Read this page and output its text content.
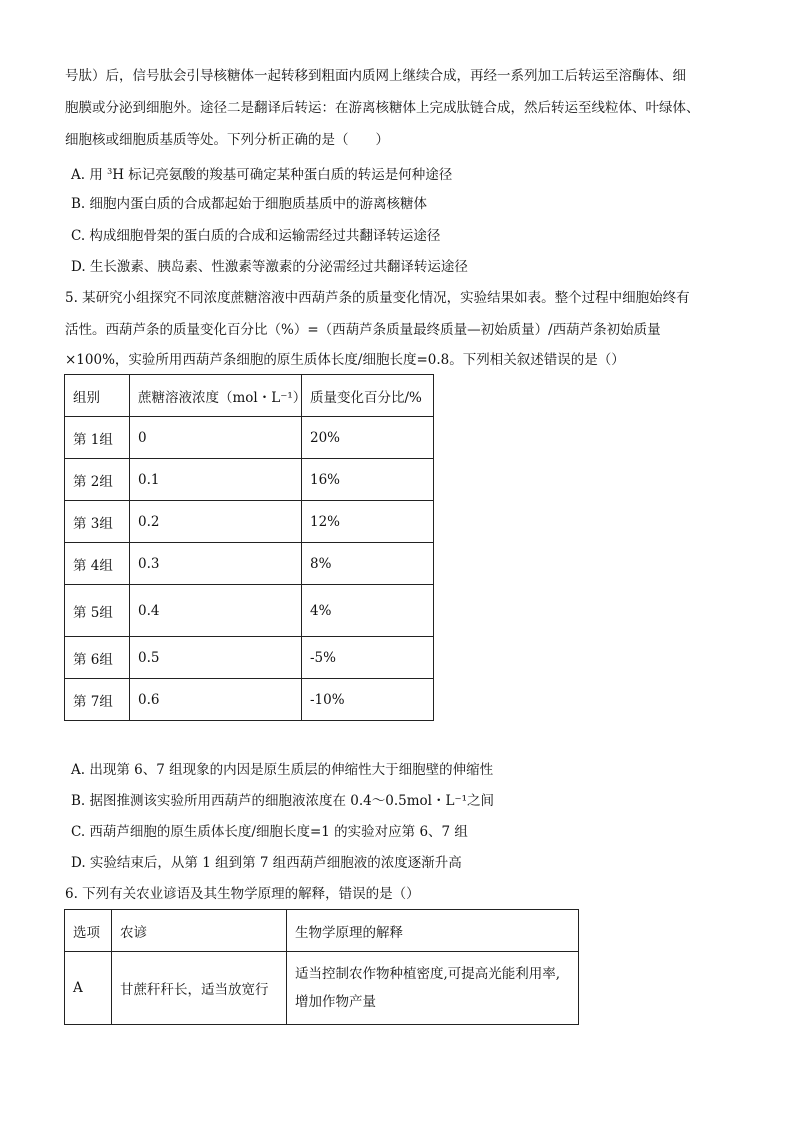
号肽）后，信号肽会引导核糖体一起转移到粗面内质网上继续合成，再经一系列加工后转运至溶酶体、细
胞膜或分泌到细胞外。途径二是翻译后转运：在游离核糖体上完成肽链合成，然后转运至线粒体、叶绿体、
细胞核或细胞质基质等处。下列分析正确的是（　　）
A. 用 $^3$H 标记亮氨酸的羧基可确定某种蛋白质的转运是何种途径
B. 细胞内蛋白质的合成都起始于细胞质基质中的游离核糖体
C. 构成细胞骨架的蛋白质的合成和运输需经过共翻译转运途径
D. 生长激素、胰岛素、性激素等激素的分泌需经过共翻译转运途径
5. 某研究小组探究不同浓度蔗糖溶液中西葫芦条的质量变化情况，实验结果如表。整个过程中细胞始终有
活性。西葫芦条的质量变化百分比（%）=（西葫芦条质量最终质量—初始质量）/西葫芦条初始质量
×100%，实验所用西葫芦条细胞的原生质体长度/细胞长度=0.8。下列相关叙述错误的是（）
组别	蔗糖溶液浓度（mol・L⁻¹）	质量变化百分比/%
第 1组	0	20%
第 2组	0.1	16%
第 3组	0.2	12%
第 4组	0.3	8%
第 5组	0.4	4%
第 6组	0.5	-5%
第 7组	0.6	-10%
A. 出现第 6、7 组现象的内因是原生质层的伸缩性大于细胞壁的伸缩性
B. 据图推测该实验所用西葫芦的细胞液浓度在 0.4～0.5mol・L⁻¹之间
C. 西葫芦细胞的原生质体长度/细胞长度=1 的实验对应第 6、7 组
D. 实验结束后，从第 1 组到第 7 组西葫芦细胞液的浓度逐渐升高
6. 下列有关农业谚语及其生物学原理的解释，错误的是（）
选项	农谚	生物学原理的解释
A	甘蔗秆秆长，适当放宽行	适当控制农作物种植密度,可提高光能利用率,
增加作物产量
